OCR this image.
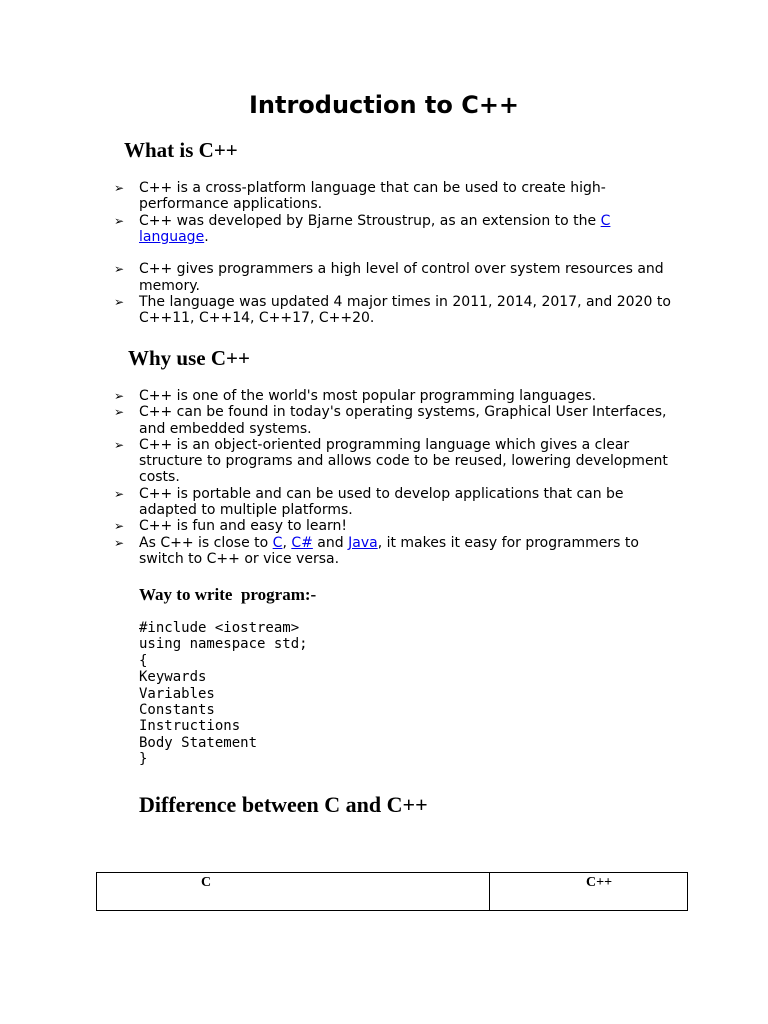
Introduction to C++
What is C++
➢ C++ is a cross-platform language that can be used to create high-performance applications.
➢ C++ was developed by Bjarne Stroustrup, as an extension to the C language.
➢ C++ gives programmers a high level of control over system resources and memory.
➢ The language was updated 4 major times in 2011, 2014, 2017, and 2020 to C++11, C++14, C++17, C++20.
Why use C++
➢ C++ is one of the world's most popular programming languages.
➢ C++ can be found in today's operating systems, Graphical User Interfaces, and embedded systems.
➢ C++ is an object-oriented programming language which gives a clear structure to programs and allows code to be reused, lowering development costs.
➢ C++ is portable and can be used to develop applications that can be adapted to multiple platforms.
➢ C++ is fun and easy to learn!
➢ As C++ is close to C, C# and Java, it makes it easy for programmers to switch to C++ or vice versa.
Way to write  program:-
#include <iostream>
using namespace std;
{
Keywards
Variables
Constants
Instructions
Body Statement
}
Difference between C and C++
C	C++
